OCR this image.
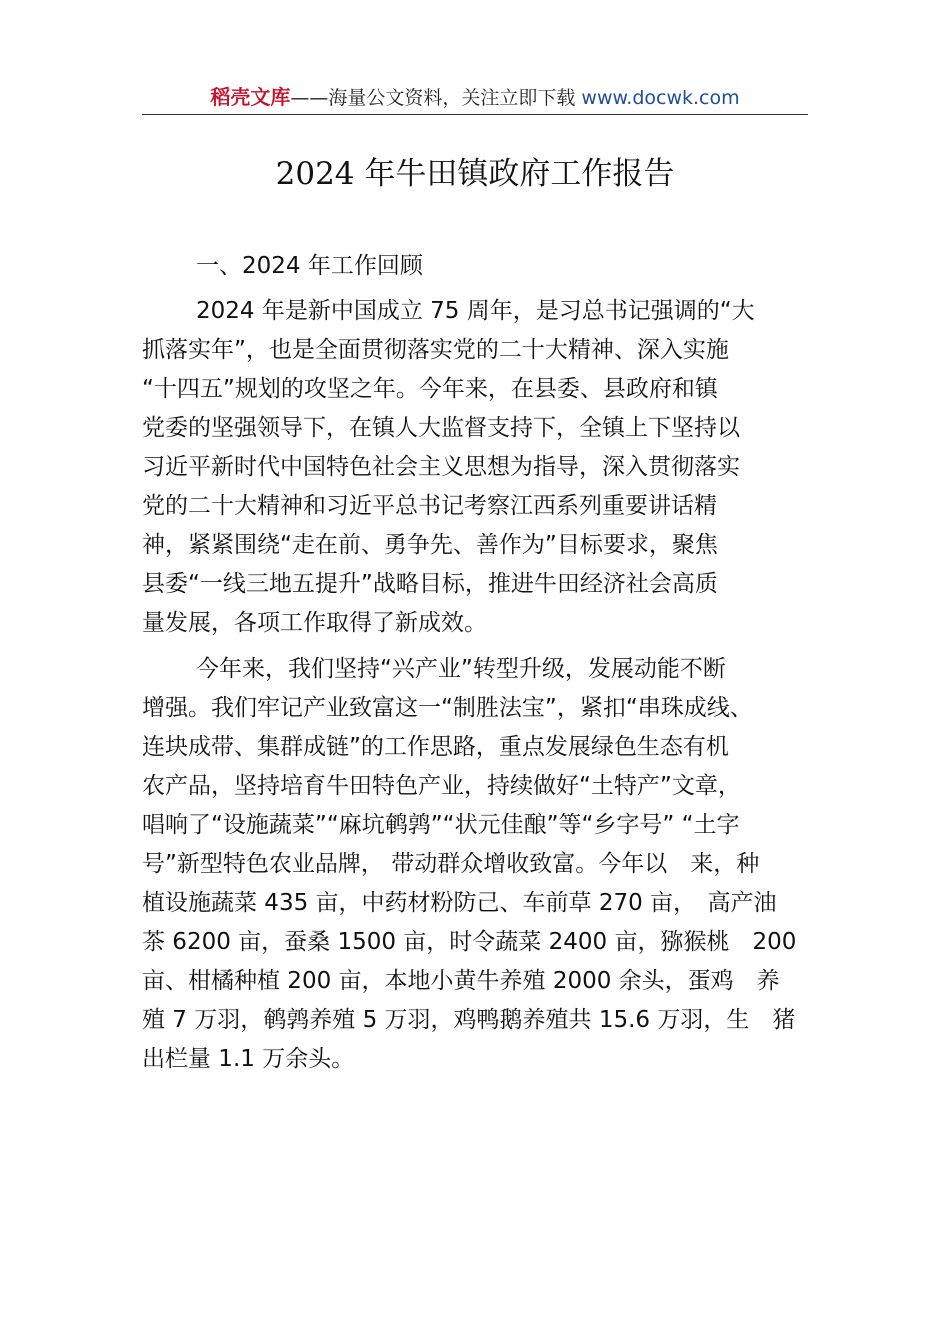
稻壳文库——海量公文资料，关注立即下载 www.docwk.com
2024 年牛田镇政府工作报告
一、2024 年工作回顾
2024 年是新中国成立 75 周年，是习总书记强调的“大
抓落实年”，也是全面贯彻落实党的二十大精神、深入实施
“十四五”规划的攻坚之年。今年来，在县委、县政府和镇
党委的坚强领导下，在镇人大监督支持下，全镇上下坚持以
习近平新时代中国特色社会主义思想为指导，深入贯彻落实
党的二十大精神和习近平总书记考察江西系列重要讲话精
神，紧紧围绕“走在前、勇争先、善作为”目标要求，聚焦
县委“一线三地五提升”战略目标，推进牛田经济社会高质
量发展，各项工作取得了新成效。
今年来，我们坚持“兴产业”转型升级，发展动能不断
增强。我们牢记产业致富这一“制胜法宝”，紧扣“串珠成线、
连块成带、集群成链”的工作思路，重点发展绿色生态有机
农产品，坚持培育牛田特色产业，持续做好“土特产”文章，
唱响了“设施蔬菜”“麻坑鹌鹑”“状元佳酿”等“乡字号” “土字
号”新型特色农业品牌， 带动群众增收致富。今年以　来，种
植设施蔬菜 435 亩，中药材粉防己、车前草 270 亩，　高产油
茶 6200 亩，蚕桑 1500 亩，时令蔬菜 2400 亩，猕猴桃　200
亩、柑橘种植 200 亩，本地小黄牛养殖 2000 余头，蛋鸡　养
殖 7 万羽，鹌鹑养殖 5 万羽，鸡鸭鹅养殖共 15.6 万羽，生　猪
出栏量 1.1 万余头。
